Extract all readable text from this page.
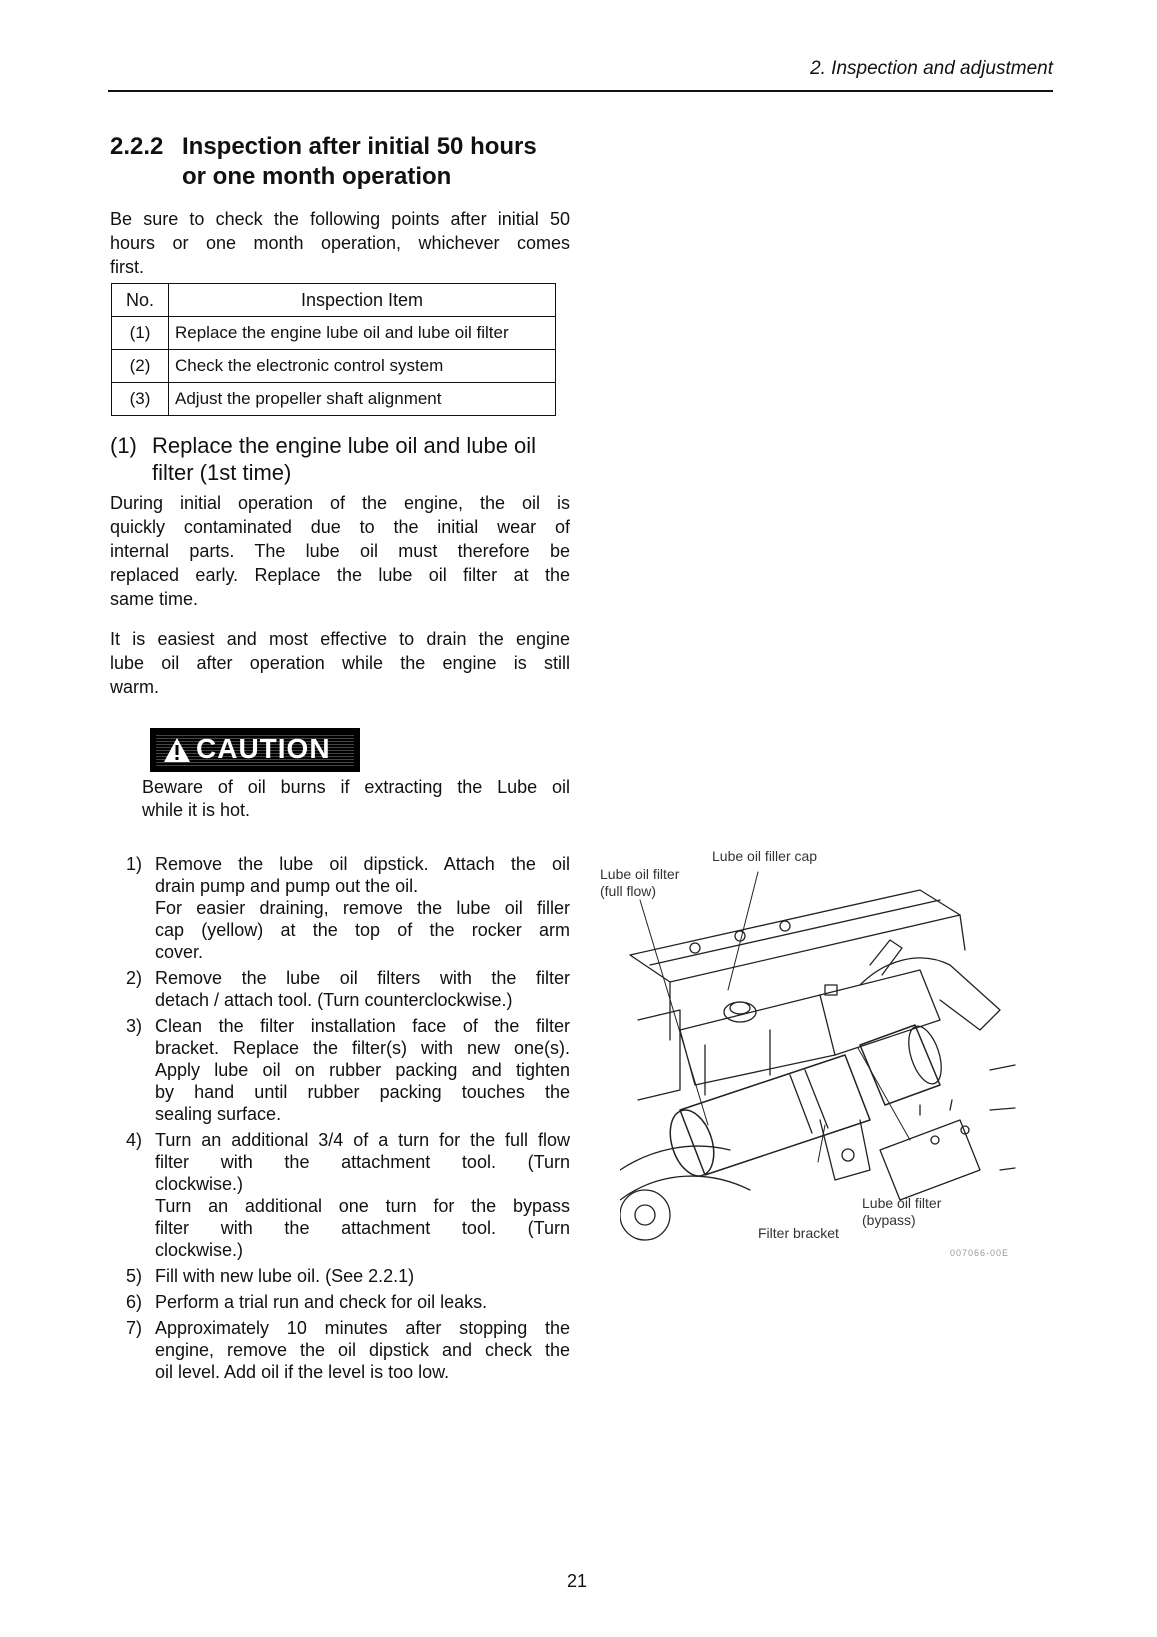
2. Inspection and adjustment
2.2.2 Inspection after initial 50 hours
or one month operation
Be sure to check the following points after initial 50
hours or one month operation, whichever comes
first.
No.	Inspection Item
(1)	Replace the engine lube oil and lube oil filter
(2)	Check the electronic control system
(3)	Adjust the propeller shaft alignment
(1) Replace the engine lube oil and lube oil
filter (1st time)
During initial operation of the engine, the oil is
quickly contaminated due to the initial wear of
internal parts. The lube oil must therefore be
replaced early. Replace the lube oil filter at the
same time.
It is easiest and most effective to drain the engine
lube oil after operation while the engine is still
warm.
CAUTION
Beware of oil burns if extracting the Lube oil
while it is hot.
1) Remove the lube oil dipstick. Attach the oil
drain pump and pump out the oil.
For easier draining, remove the lube oil filler
cap (yellow) at the top of the rocker arm
cover.
2) Remove the lube oil filters with the filter
detach / attach tool. (Turn counterclockwise.)
3) Clean the filter installation face of the filter
bracket. Replace the filter(s) with new one(s).
Apply lube oil on rubber packing and tighten
by hand until rubber packing touches the
sealing surface.
4) Turn an additional 3/4 of a turn for the full flow
filter with the attachment tool. (Turn
clockwise.)
Turn an additional one turn for the bypass
filter with the attachment tool. (Turn
clockwise.)
5) Fill with new lube oil. (See 2.2.1)
6) Perform a trial run and check for oil leaks.
7) Approximately 10 minutes after stopping the
engine, remove the oil dipstick and check the
oil level. Add oil if the level is too low.
Lube oil filler cap
Lube oil filter
(full flow)
Lube oil filter
(bypass)
Filter bracket
007066-00E
21
